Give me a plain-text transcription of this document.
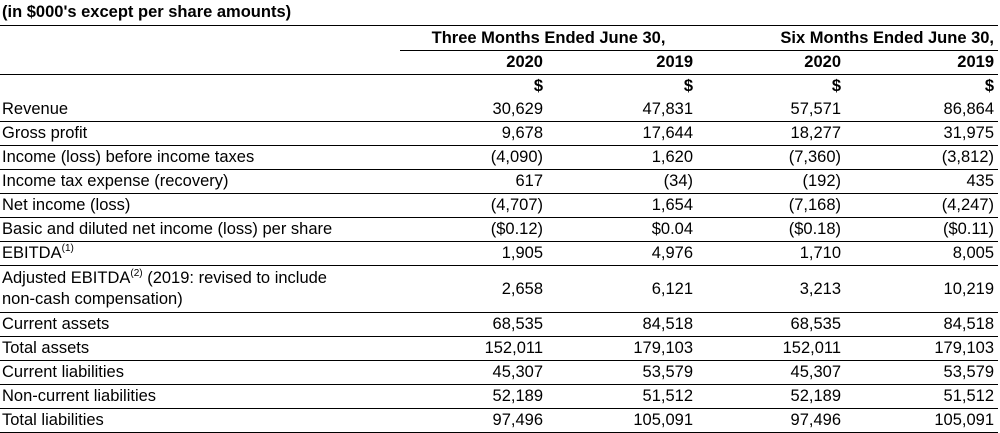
(in $000's except per share amounts)
	Three Months Ended June 30,		Six Months Ended June 30,	
	2020	2019	2020	2019
	$	$	$	$
Revenue	30,629	47,831	57,571	86,864
Gross profit	9,678	17,644	18,277	31,975
Income (loss) before income taxes	(4,090)	1,620	(7,360)	(3,812)
Income tax expense (recovery)	617	(34)	(192)	435
Net income (loss)	(4,707)	1,654	(7,168)	(4,247)
Basic and diluted net income (loss) per share	($0.12)	$0.04	($0.18)	($0.11)
EBITDA$^{(1)}$	1,905	4,976	1,710	8,005
Adjusted EBITDA$^{(2)}$ (2019: revised to include
non-cash compensation)	2,658	6,121	3,213	10,219
Current assets	68,535	84,518	68,535	84,518
Total assets	152,011	179,103	152,011	179,103
Current liabilities	45,307	53,579	45,307	53,579
Non-current liabilities	52,189	51,512	52,189	51,512
Total liabilities	97,496	105,091	97,496	105,091
